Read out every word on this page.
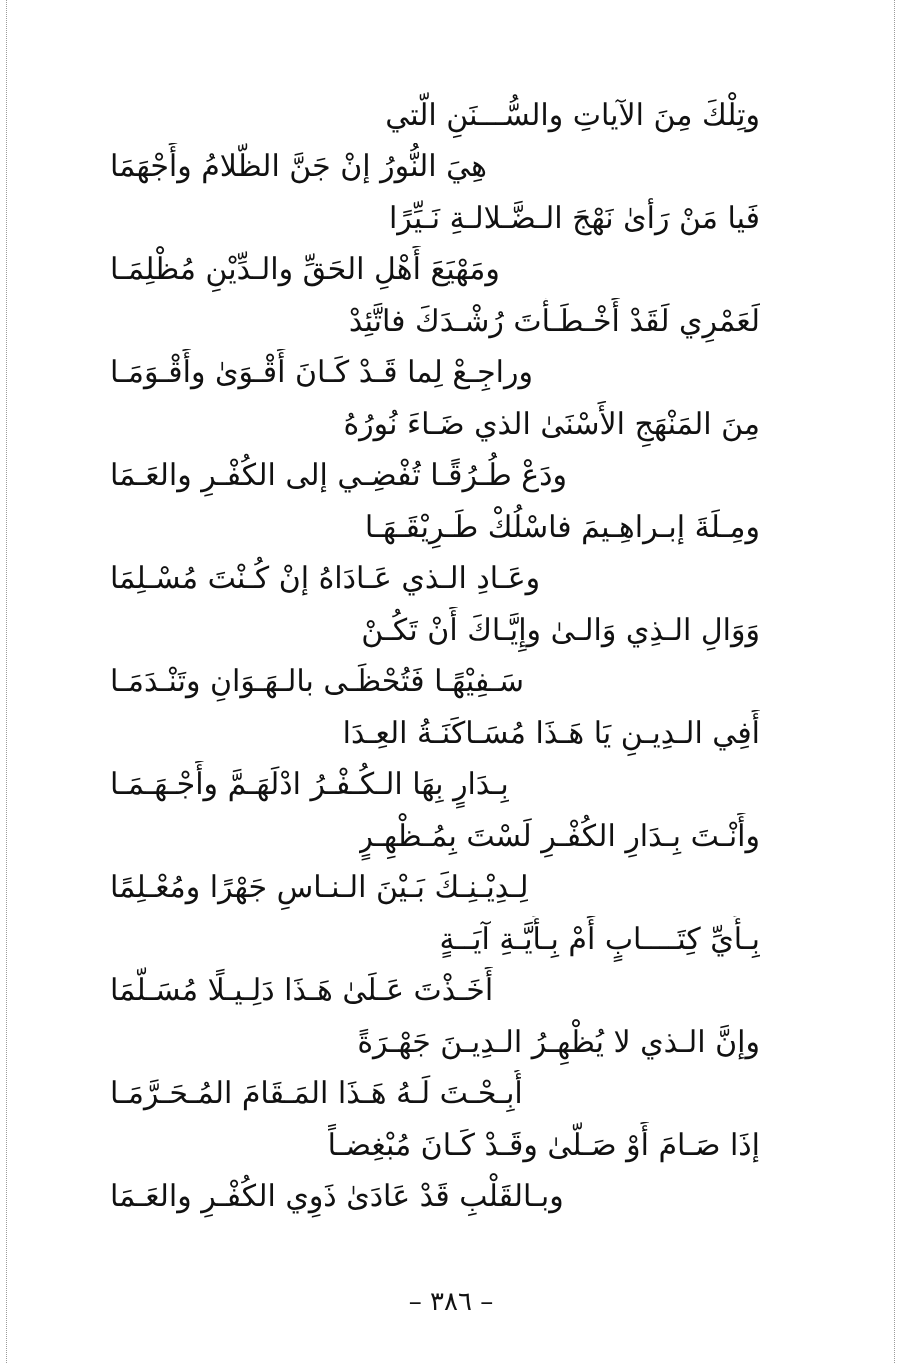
وتِلْكَ مِنَ الآياتِ والسُّـــنَنِ الَّتي
هِيَ النُّورُ إنْ جَنَّ الظَّلامُ وأَجْهَمَا
فَيا مَنْ رَأىٰ نَهْجَ الـضَّـلالـةِ نَـيِّرًا
ومَهْيَعَ أَهْلِ الحَقِّ والـدِّيْنِ مُظْلِمَـا
لَعَمْرِي لَقَدْ أَخْـطَـأْتَ رُشْـدَكَ فاتَّئِدْ
وراجِـعْ لِما قَـدْ كَـانَ أَقْـوَىٰ وأَقْـوَمَـا
مِنَ المَنْهَجِ الأَسْنَىٰ الذي ضَـاءَ نُورُهُ
ودَعْ طُـرُقًـا تُفْضِـي إلى الكُفْـرِ والعَـمَا
ومِـلَةَ إبـراهِـيمَ فاسْلُكْ طَـرِيْقَـهَـا
وعَـادِ الـذي عَـادَاهُ إنْ كُـنْتَ مُسْـلِمَا
وَوَالِ الـذِي وَالـىٰ وإِيَّـاكَ أَنْ تَكُـنْ
سَـفِيْهًـا فَتُحْظَـى بالـهَـوَانِ وتَنْـدَمَـا
أَفِي الـدِيـنِ يَا هَـذَا مُسَـاكَنَـةُ العِـدَا
بِـدَارٍ بِهَا الـكُـفْـرُ ادْلَهَـمَّ وأَجْـهَـمَـا
وأَنْـتَ بِـدَارِ الكُفْـرِ لَسْتَ بِمُـظْهِـرٍ
لِـدِيْـنِـكَ بَـيْنَ الـنـاسِ جَهْرًا ومُعْـلِمًا
بِـأَيِّ كِتَــــابٍ أَمْ بِـأَيَّـةِ آيَــةٍ
أَخَـذْتَ عَـلَىٰ هَـذَا دَلِـيـلًا مُسَـلَّمَا
وإنَّ الـذي لا يُظْهِـرُ الـدِيـنَ جَهْـرَةً
أُبِـحْـتَ لَـهُ هَـذَا المَـقَامَ المُـحَـرَّمَـا
إذَا صَـامَ أَوْ صَـلَّىٰ وقَـدْ كَـانَ مُبْغِضـاً
وبـالقَلْبِ قَدْ عَادَىٰ ذَوِي الكُفْـرِ والعَـمَا
– ٣٨٦ –
